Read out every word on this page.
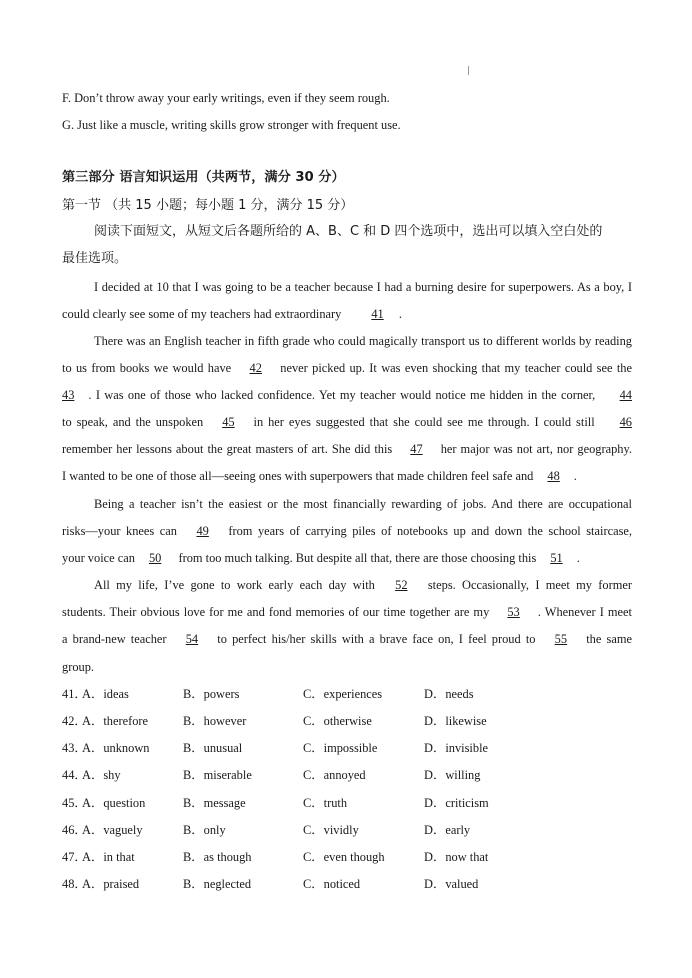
F. Don’t throw away your early writings, even if they seem rough.
G. Just like a muscle, writing skills grow stronger with frequent use.
第三部分 语言知识运用（共两节，满分 30 分）
第一节 （共 15 小题；每小题 1 分，满分 15 分）
阅读下面短文，从短文后各题所给的 A、B、C 和 D 四个选项中，选出可以填入空白处的
最佳选项。
I decided at 10 that I was going to be a teacher because I had a burning desire for superpowers. As a boy, I
could clearly see some of my teachers had extraordinary 41 .
There was an English teacher in fifth grade who could magically transport us to different worlds by reading
to us from books we would have 42 never picked up. It was even shocking that my teacher could see the
43 . I was one of those who lacked confidence. Yet my teacher would notice me hidden in the corner, 44
to speak, and the unspoken 45 in her eyes suggested that she could see me through. I could still 46
remember her lessons about the great masters of art. She did this 47 her major was not art, nor geography.
I wanted to be one of those all—seeing ones with superpowers that made children feel safe and 48 .
Being a teacher isn’t the easiest or the most financially rewarding of jobs. And there are occupational
risks—your knees can 49 from years of carrying piles of notebooks up and down the school staircase,
your voice can 50 from too much talking. But despite all that, there are those choosing this 51 .
All my life, I’ve gone to work early each day with 52 steps. Occasionally, I meet my former
students. Their obvious love for me and fond memories of our time together are my 53 . Whenever I meet
a brand-new teacher 54 to perfect his/her skills with a brave face on, I feel proud to 55 the same
group.
41．
A．ideas	B．powers	C．experiences	D．needs
42．
A．therefore	B．however	C．otherwise	D．likewise
43．
A．unknown	B．unusual	C．impossible	D．invisible
44．
A．shy	B．miserable	C．annoyed	D．willing
45．
A．question	B．message	C．truth	D．criticism
46．
A．vaguely	B．only	C．vividly	D．early
47．
A．in that	B．as though	C．even though	D．now that
48．
A．praised	B．neglected	C．noticed	D．valued
